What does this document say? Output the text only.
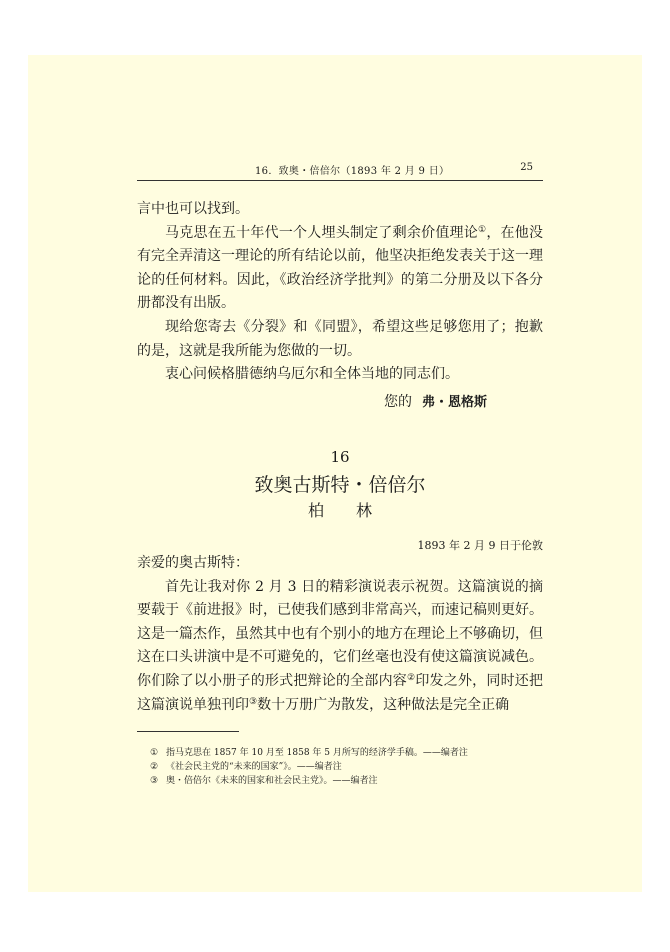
16．致奥・倍倍尔（1893 年 2 月 9 日）	25

言中也可以找到。

马克思在五十年代一个人埋头制定了剩余价值理论①，在他没有完全弄清这一理论的所有结论以前，他坚决拒绝发表关于这一理论的任何材料。因此，《政治经济学批判》的第二分册及以下各分册都没有出版。

现给您寄去《分裂》和《同盟》，希望这些足够您用了；抱歉的是，这就是我所能为您做的一切。

衷心问候格腊德纳乌厄尔和全体当地的同志们。

您的 弗・恩格斯
16
致奥古斯特・倍倍尔
柏　　林
1893 年 2 月 9 日于伦敦

亲爱的奥古斯特：

首先让我对你 2 月 3 日的精彩演说表示祝贺。这篇演说的摘要载于《前进报》时，已使我们感到非常高兴，而速记稿则更好。这是一篇杰作，虽然其中也有个别小的地方在理论上不够确切，但这在口头讲演中是不可避免的，它们丝毫也没有使这篇演说减色。你们除了以小册子的形式把辩论的全部内容②印发之外，同时还把这篇演说单独刊印③数十万册广为散发，这种做法是完全正确

① 指马克思在 1857 年 10 月至 1858 年 5 月所写的经济学手稿。——编者注
② 《社会民主党的“未来的国家”》。——编者注
③ 奥・倍倍尔《未来的国家和社会民主党》。——编者注
